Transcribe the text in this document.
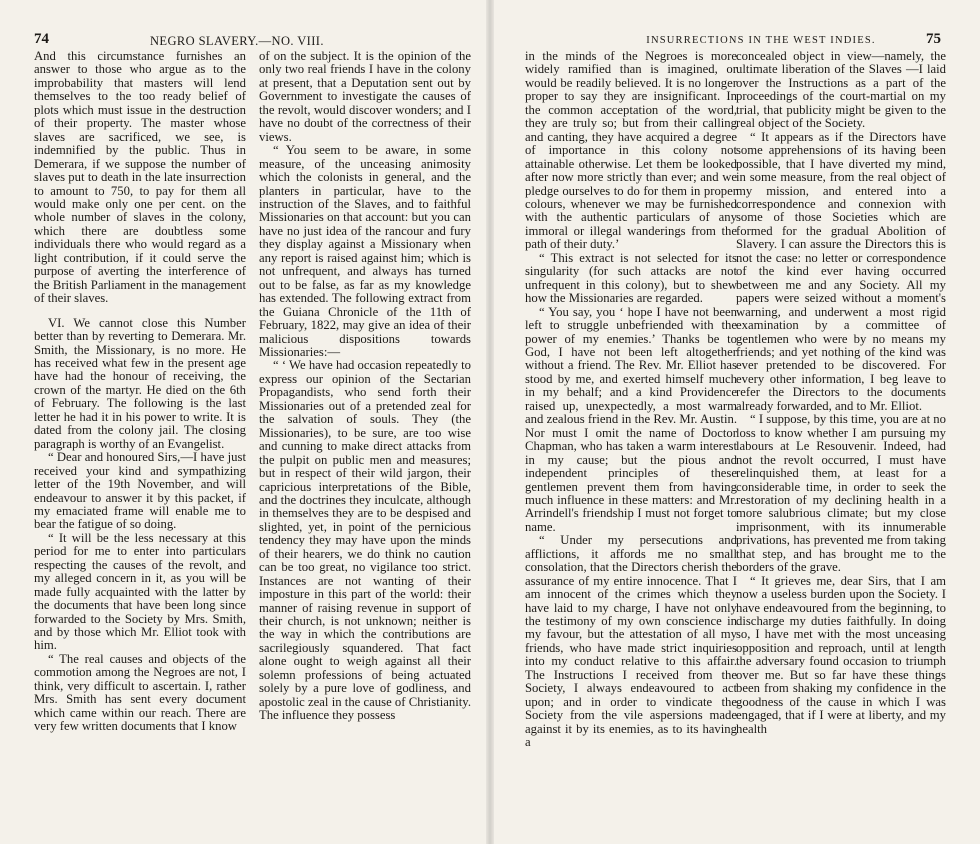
74	NEGRO SLAVERY.—NO. VIII.

And this circumstance furnishes an answer to those who argue as to the improbability that masters will lend themselves to the too ready belief of plots which must issue in the destruction of their property. The master whose slaves are sacrificed, we see, is indemnified by the public. Thus in Demerara, if we suppose the number of slaves put to death in the late insurrection to amount to 750, to pay for them all would make only one per cent. on the whole number of slaves in the colony, which there are doubtless some individuals there who would regard as a light contribution, if it could serve the purpose of averting the interference of the British Parliament in the management of their slaves.

VI. We cannot close this Number better than by reverting to Demerara. Mr. Smith, the Missionary, is no more. He has received what few in the present age have had the honour of receiving, the crown of the martyr. He died on the 6th of February. The following is the last letter he had it in his power to write. It is dated from the colony jail. The closing paragraph is worthy of an Evangelist.

“ Dear and honoured Sirs,—I have just received your kind and sympathizing letter of the 19th November, and will endeavour to answer it by this packet, if my emaciated frame will enable me to bear the fatigue of so doing.

“ It will be the less necessary at this period for me to enter into particulars respecting the causes of the revolt, and my alleged concern in it, as you will be made fully acquainted with the latter by the documents that have been long since forwarded to the Society by Mrs. Smith, and by those which Mr. Elliot took with him.

“ The real causes and objects of the commotion among the Negroes are not, I think, very difficult to ascertain. I, rather Mrs. Smith has sent every document which came within our reach. There are very few written documents that I know

of on the subject. It is the opinion of the only two real friends I have in the colony at present, that a Deputation sent out by Government to investigate the causes of the revolt, would discover wonders; and I have no doubt of the correctness of their views.

“ You seem to be aware, in some measure, of the unceasing animosity which the colonists in general, and the planters in particular, have to the instruction of the Slaves, and to faithful Missionaries on that account: but you can have no just idea of the rancour and fury they display against a Missionary when any report is raised against him; which is not unfrequent, and always has turned out to be false, as far as my knowledge has extended. The following extract from the Guiana Chronicle of the 11th of February, 1822, may give an idea of their malicious dispositions towards Missionaries:—

“ ‘ We have had occasion repeatedly to express our opinion of the Sectarian Propagandists, who send forth their Missionaries out of a pretended zeal for the salvation of souls. They (the Missionaries), to be sure, are too wise and cunning to make direct attacks from the pulpit on public men and measures; but in respect of their wild jargon, their capricious interpretations of the Bible, and the doctrines they inculcate, although in themselves they are to be despised and slighted, yet, in point of the pernicious tendency they may have upon the minds of their hearers, we do think no caution can be too great, no vigilance too strict. Instances are not wanting of their imposture in this part of the world: their manner of raising revenue in support of their church, is not unknown; neither is the way in which the contributions are sacrilegiously squandered. That fact alone ought to weigh against all their solemn professions of being actuated solely by a pure love of godliness, and apostolic zeal in the cause of Christianity. The influence they possess

INSURRECTIONS IN THE WEST INDIES.	75

in the minds of the Negroes is more widely ramified than is imagined, or would be readily believed. It is no longer proper to say they are insignificant. In the common acceptation of the word, they are truly so; but from their calling and canting, they have acquired a degree of importance in this colony not attainable otherwise. Let them be looked after now more strictly than ever; and we pledge ourselves to do for them in proper colours, whenever we may be furnished with the authentic particulars of any immoral or illegal wanderings from the path of their duty.’

“ This extract is not selected for its singularity (for such attacks are not unfrequent in this colony), but to shew how the Missionaries are regarded.

“ You say, you ‘ hope I have not been left to struggle unbefriended with the power of my enemies.’ Thanks be to God, I have not been left altogether without a friend. The Rev. Mr. Elliot has stood by me, and exerted himself much in my behalf; and a kind Providence raised up, unexpectedly, a most warm and zealous friend in the Rev. Mr. Austin. Nor must I omit the name of Doctor Chapman, who has taken a warm interest in my cause; but the pious and independent principles of these gentlemen prevent them from having much influence in these matters: and Mr. Arrindell's friendship I must not forget to name.

“ Under my persecutions and afflictions, it affords me no small consolation, that the Directors cherish the assurance of my entire innocence. That I am innocent of the crimes which they have laid to my charge, I have not only the testimony of my own conscience in my favour, but the attestation of all my friends, who have made strict inquiries into my conduct relative to this affair. The Instructions I received from the Society, I always endeavoured to act upon; and in order to vindicate the Society from the vile aspersions made against it by its enemies, as to its having a

concealed object in view—namely, the ultimate liberation of the Slaves —I laid over the Instructions as a part of the proceedings of the court-martial on my trial, that publicity might be given to the real object of the Society.

“ It appears as if the Directors have some apprehensions of its having been possible, that I have diverted my mind, in some measure, from the real object of my mission, and entered into a correspondence and connexion with some of those Societies which are formed for the gradual Abolition of Slavery. I can assure the Directors this is not the case: no letter or correspondence of the kind ever having occurred between me and any Society. All my papers were seized without a moment's warning, and underwent a most rigid examination by a committee of gentlemen who were by no means my friends; and yet nothing of the kind was ever pretended to be discovered. For every other information, I beg leave to refer the Directors to the documents already forwarded, and to Mr. Elliot.

“ I suppose, by this time, you are at no loss to know whether I am pursuing my labours at Le Resouvenir. Indeed, had not the revolt occurred, I must have relinquished them, at least for a considerable time, in order to seek the restoration of my declining health in a more salubrious climate; but my close imprisonment, with its innumerable privations, has prevented me from taking that step, and has brought me to the borders of the grave.

“ It grieves me, dear Sirs, that I am now a useless burden upon the Society. I have endeavoured from the beginning, to discharge my duties faithfully. In doing so, I have met with the most unceasing opposition and reproach, until at length the adversary found occasion to triumph over me. But so far have these things been from shaking my confidence in the goodness of the cause in which I was engaged, that if I were at liberty, and my health
